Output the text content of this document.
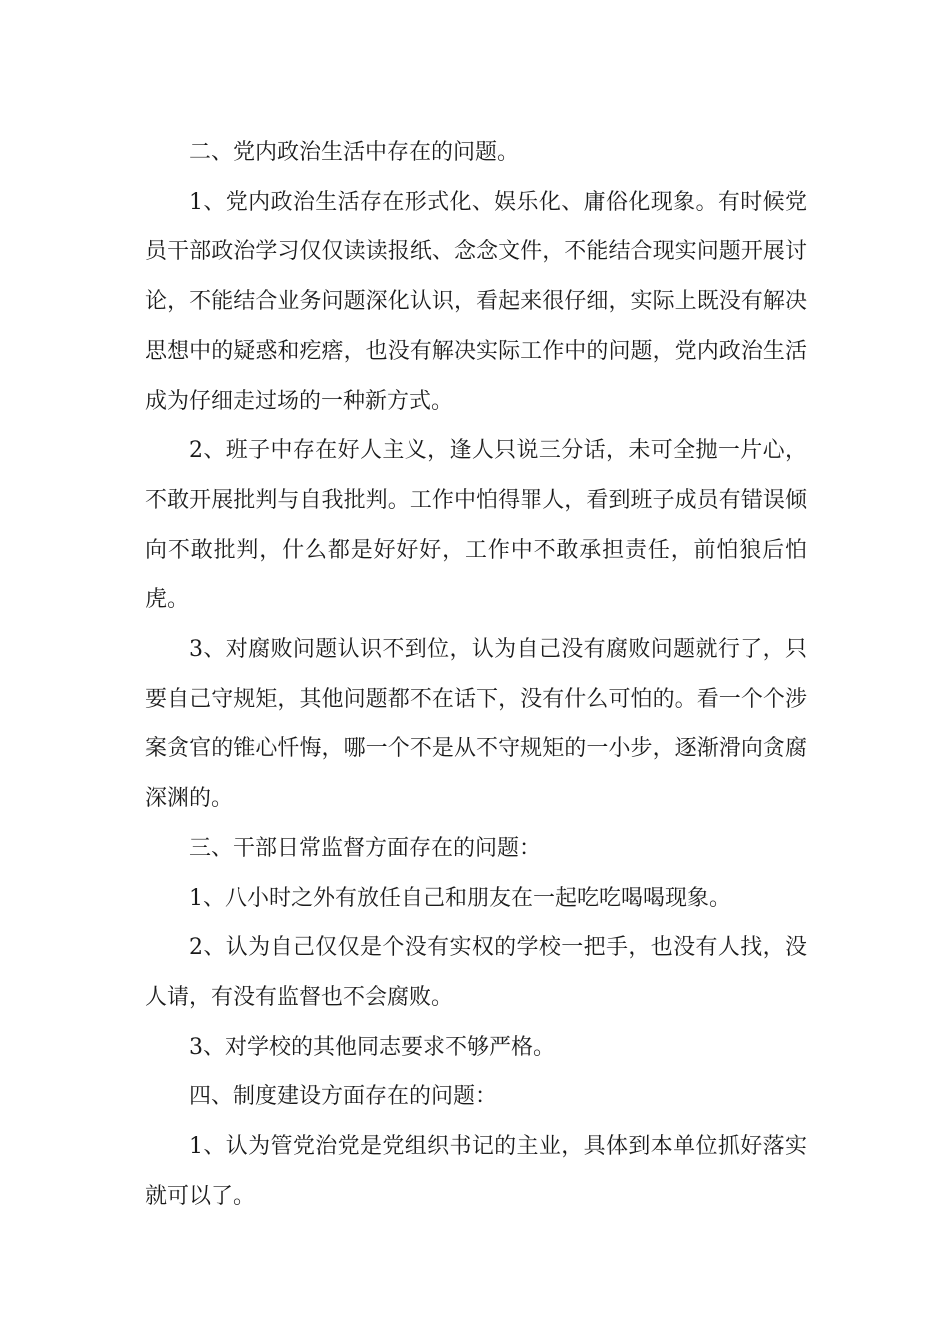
二、党内政治生活中存在的问题。

1、党内政治生活存在形式化、娱乐化、庸俗化现象。有时候党员干部政治学习仅仅读读报纸、念念文件，不能结合现实问题开展讨论，不能结合业务问题深化认识，看起来很仔细，实际上既没有解决思想中的疑惑和疙瘩，也没有解决实际工作中的问题，党内政治生活成为仔细走过场的一种新方式。

2、班子中存在好人主义，逢人只说三分话，未可全抛一片心，不敢开展批判与自我批判。工作中怕得罪人，看到班子成员有错误倾向不敢批判，什么都是好好好，工作中不敢承担责任，前怕狼后怕虎。

3、对腐败问题认识不到位，认为自己没有腐败问题就行了，只要自己守规矩，其他问题都不在话下，没有什么可怕的。看一个个涉案贪官的锥心忏悔，哪一个不是从不守规矩的一小步，逐渐滑向贪腐深渊的。

三、干部日常监督方面存在的问题：

1、八小时之外有放任自己和朋友在一起吃吃喝喝现象。

2、认为自己仅仅是个没有实权的学校一把手，也没有人找，没人请，有没有监督也不会腐败。

3、对学校的其他同志要求不够严格。

四、制度建设方面存在的问题：

1、认为管党治党是党组织书记的主业，具体到本单位抓好落实就可以了。
